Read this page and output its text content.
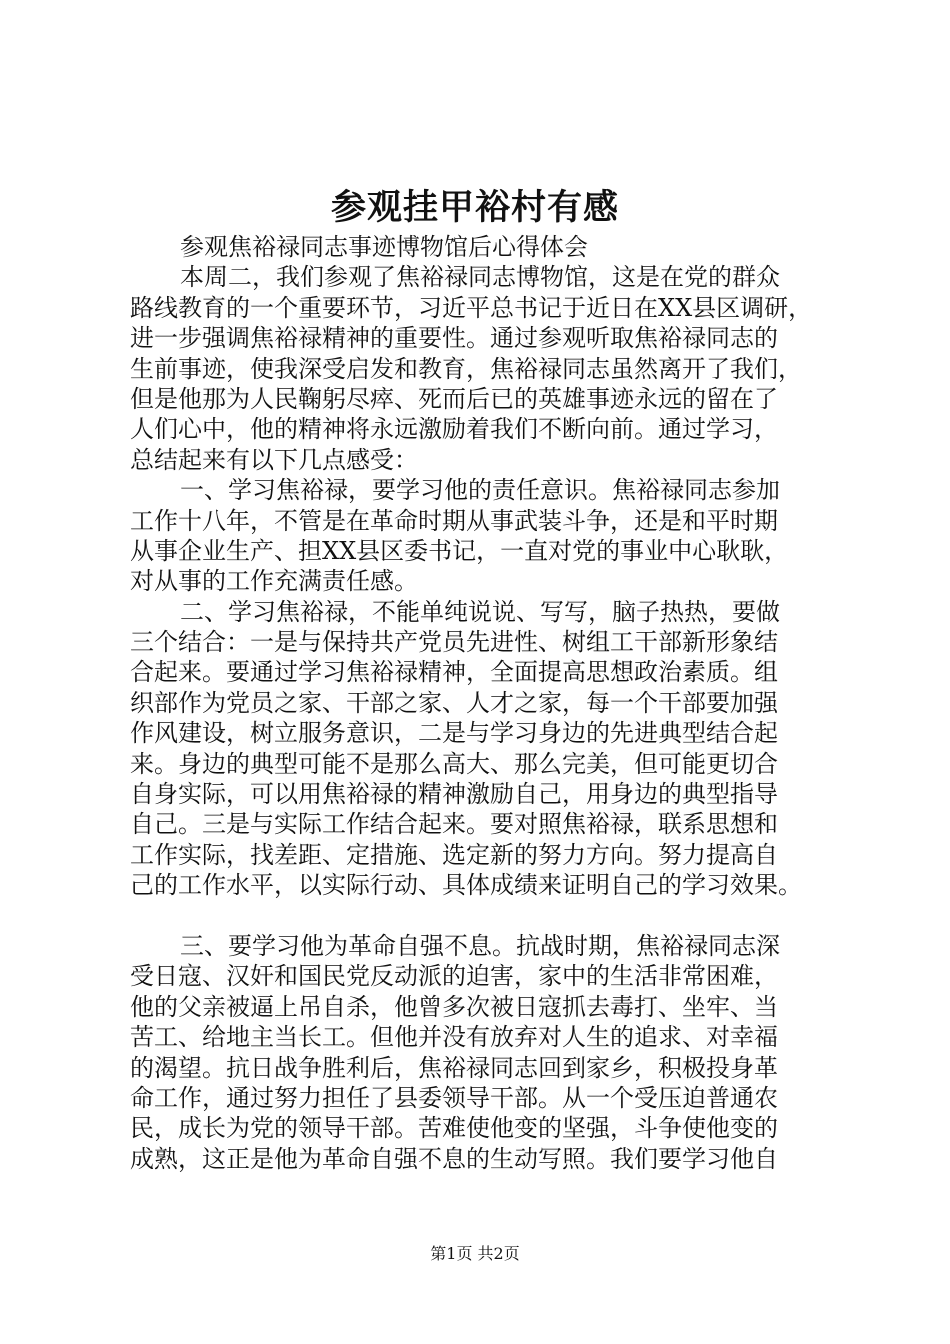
参观挂甲裕村有感
参观焦裕禄同志事迹博物馆后心得体会
本周二，我们参观了焦裕禄同志博物馆，这是在党的群众
路线教育的一个重要环节，习近平总书记于近日在XX县区调研，
进一步强调焦裕禄精神的重要性。通过参观听取焦裕禄同志的
生前事迹，使我深受启发和教育，焦裕禄同志虽然离开了我们，
但是他那为人民鞠躬尽瘁、死而后已的英雄事迹永远的留在了
人们心中，他的精神将永远激励着我们不断向前。通过学习，
总结起来有以下几点感受：
一、学习焦裕禄，要学习他的责任意识。焦裕禄同志参加
工作十八年，不管是在革命时期从事武装斗争，还是和平时期
从事企业生产、担XX县区委书记，一直对党的事业中心耿耿，
对从事的工作充满责任感。
二、学习焦裕禄，不能单纯说说、写写，脑子热热，要做
三个结合：一是与保持共产党员先进性、树组工干部新形象结
合起来。要通过学习焦裕禄精神，全面提高思想政治素质。组
织部作为党员之家、干部之家、人才之家，每一个干部要加强
作风建设，树立服务意识，二是与学习身边的先进典型结合起
来。身边的典型可能不是那么高大、那么完美，但可能更切合
自身实际，可以用焦裕禄的精神激励自己，用身边的典型指导
自己。三是与实际工作结合起来。要对照焦裕禄，联系思想和
工作实际，找差距、定措施、选定新的努力方向。努力提高自
己的工作水平，以实际行动、具体成绩来证明自己的学习效果。
三、要学习他为革命自强不息。抗战时期，焦裕禄同志深
受日寇、汉奸和国民党反动派的迫害，家中的生活非常困难，
他的父亲被逼上吊自杀，他曾多次被日寇抓去毒打、坐牢、当
苦工、给地主当长工。但他并没有放弃对人生的追求、对幸福
的渴望。抗日战争胜利后，焦裕禄同志回到家乡，积极投身革
命工作，通过努力担任了县委领导干部。从一个受压迫普通农
民，成长为党的领导干部。苦难使他变的坚强，斗争使他变的
成熟，这正是他为革命自强不息的生动写照。我们要学习他自
第1页 共2页
